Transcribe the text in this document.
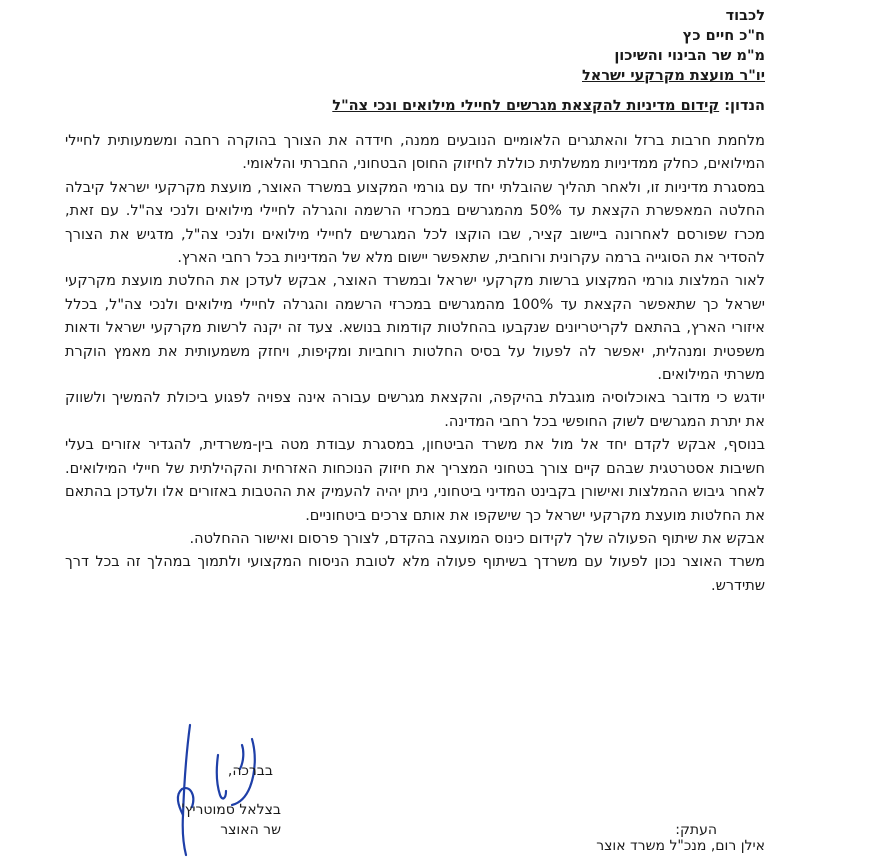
לכבוד
ח"כ חיים כץ
מ"מ שר הבינוי והשיכון
יו"ר מועצת מקרקעי ישראל
הנדון: קידום מדיניות להקצאת מגרשים לחיילי מילואים ונכי צה"ל

מלחמת חרבות ברזל והאתגרים הלאומיים הנובעים ממנה, חידדה את הצורך בהוקרה רחבה ומשמעותית לחיילי המילואים, כחלק ממדיניות ממשלתית כוללת לחיזוק החוסן הבטחוני, החברתי והלאומי.

במסגרת מדיניות זו, ולאחר תהליך שהובלתי יחד עם גורמי המקצוע במשרד האוצר, מועצת מקרקעי ישראל קיבלה החלטה המאפשרת הקצאת עד 50% מהמגרשים במכרזי הרשמה והגרלה לחיילי מילואים ולנכי צה"ל. עם זאת, מכרז שפורסם לאחרונה ביישוב קציר, שבו הוקצו לכל המגרשים לחיילי מילואים ולנכי צה"ל, מדגיש את הצורך להסדיר את הסוגייה ברמה עקרונית ורוחבית, שתאפשר יישום מלא של המדיניות בכל רחבי הארץ.

לאור המלצות גורמי המקצוע ברשות מקרקעי ישראל ובמשרד האוצר, אבקש לעדכן את החלטת מועצת מקרקעי ישראל כך שתאפשר הקצאת עד 100% מהמגרשים במכרזי הרשמה והגרלה לחיילי מילואים ולנכי צה"ל, בכלל איזורי הארץ, בהתאם לקריטריונים שנקבעו בהחלטות קודמות בנושא. צעד זה יקנה לרשות מקרקעי ישראל ודאות משפטית ומנהלית, יאפשר לה לפעול על בסיס החלטות רוחביות ומקיפות, ויחזק משמעותית את מאמץ הוקרת משרתי המילואים.

יודגש כי מדובר באוכלוסיה מוגבלת בהיקפה, והקצאת מגרשים עבורה אינה צפויה לפגוע ביכולת להמשיך ולשווק את יתרת המגרשים לשוק החופשי בכל רחבי המדינה.

בנוסף, אבקש לקדם יחד אל מול את משרד הביטחון, במסגרת עבודת מטה בין-משרדית, להגדיר אזורים בעלי חשיבות אסטרטגית שבהם קיים צורך בטחוני המצריך את חיזוק הנוכחות האזרחית והקהילתית של חיילי המילואים. לאחר גיבוש ההמלצות ואישורן בקבינט המדיני ביטחוני, ניתן יהיה להעמיק את ההטבות באזורים אלו ולעדכן בהתאם את החלטות מועצת מקרקעי ישראל כך שישקפו את אותם צרכים ביטחוניים.

אבקש את שיתוף הפעולה שלך לקידום כינוס המועצה בהקדם, לצורך פרסום ואישור ההחלטה.

משרד האוצר נכון לפעול עם משרדך בשיתוף פעולה מלא לטובת הניסוח המקצועי ולתמוך במהלך זה בכל דרך שתידרש.

בברכה,
בצלאל סמוטריץ'
שר האוצר	העתק:
אילן רום, מנכ"ל משרד אוצר
